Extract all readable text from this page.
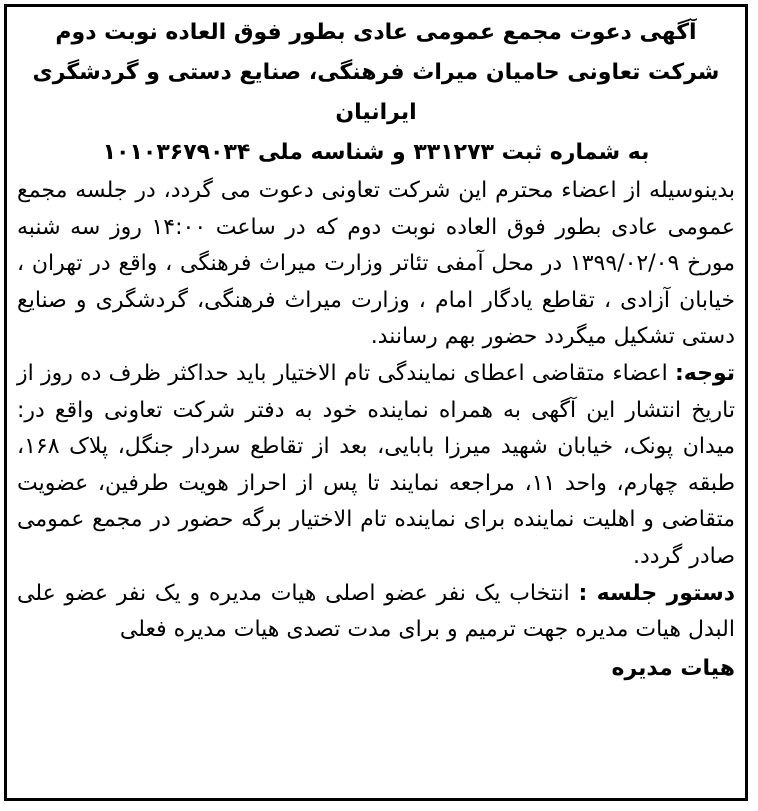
آگهی دعوت مجمع عمومی عادی بطور فوق العاده نوبت دوم

شرکت تعاونی حامیان میراث فرهنگی، صنایع دستی و گردشگری ایرانیان

به شماره ثبت ۳۳۱۲۷۳ و شناسه ملی ۱۰۱۰۳۶۷۹۰۳۴

بدینوسیله از اعضاء محترم این شرکت تعاونی دعوت می گردد، در جلسه مجمع عمومی عادی بطور فوق العاده نوبت دوم که در ساعت ۱۴:۰۰ روز سه شنبه مورخ ۱۳۹۹/۰۲/۰۹ در محل آمفی تئاتر وزارت میراث فرهنگی ، واقع در تهران ، خیابان آزادی ، تقاطع یادگار امام ، وزارت میراث فرهنگی، گردشگری و صنایع دستی تشکیل میگردد حضور بهم رسانند.

توجه: اعضاء متقاضی اعطای نمایندگی تام الاختیار باید حداکثر ظرف ده روز از تاریخ انتشار این آگهی به همراه نماینده خود به دفتر شرکت تعاونی واقع در: میدان پونک، خیابان شهید میرزا بابایی، بعد از تقاطع سردار جنگل، پلاک ۱۶۸، طبقه چهارم، واحد ۱۱، مراجعه نمایند تا پس از احراز هویت طرفین، عضویت متقاضی و اهلیت نماینده برای نماینده تام الاختیار برگه حضور در مجمع عمومی صادر گردد.

دستور جلسه : انتخاب یک نفر عضو اصلی هیات مدیره و یک نفر عضو علی البدل هیات مدیره جهت ترمیم و برای مدت تصدی هیات مدیره فعلی

هیات مدیره
